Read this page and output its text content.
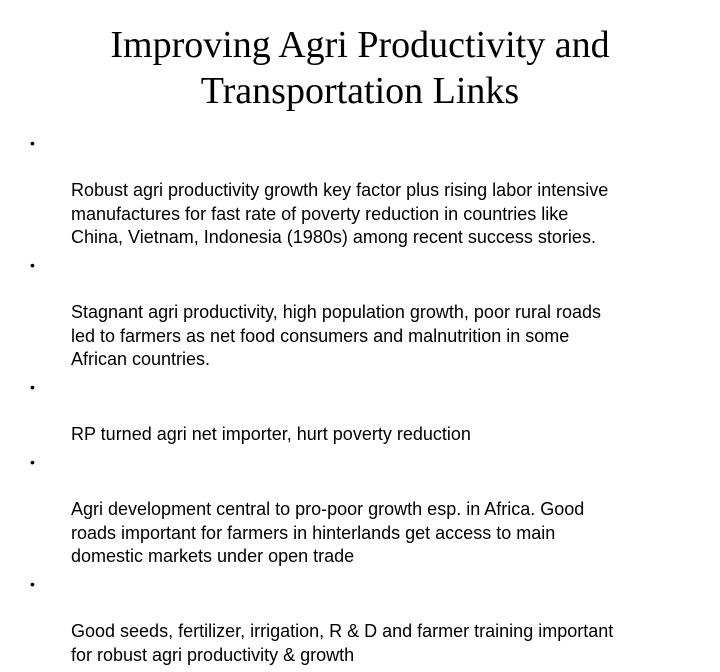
Improving Agri Productivity and
Transportation Links

•

Robust agri productivity growth key factor plus rising labor intensive
manufactures for fast rate of poverty reduction in countries like
China, Vietnam, Indonesia (1980s) among recent success stories.

•

Stagnant agri productivity, high population growth, poor rural roads
led to farmers as net food consumers and malnutrition in some
African countries.

•

RP turned agri net importer, hurt poverty reduction

•

Agri development central to pro-poor growth esp. in Africa. Good
roads important for farmers in hinterlands get access to main
domestic markets under open trade

•

Good seeds, fertilizer, irrigation, R & D and farmer training important
for robust agri productivity & growth
